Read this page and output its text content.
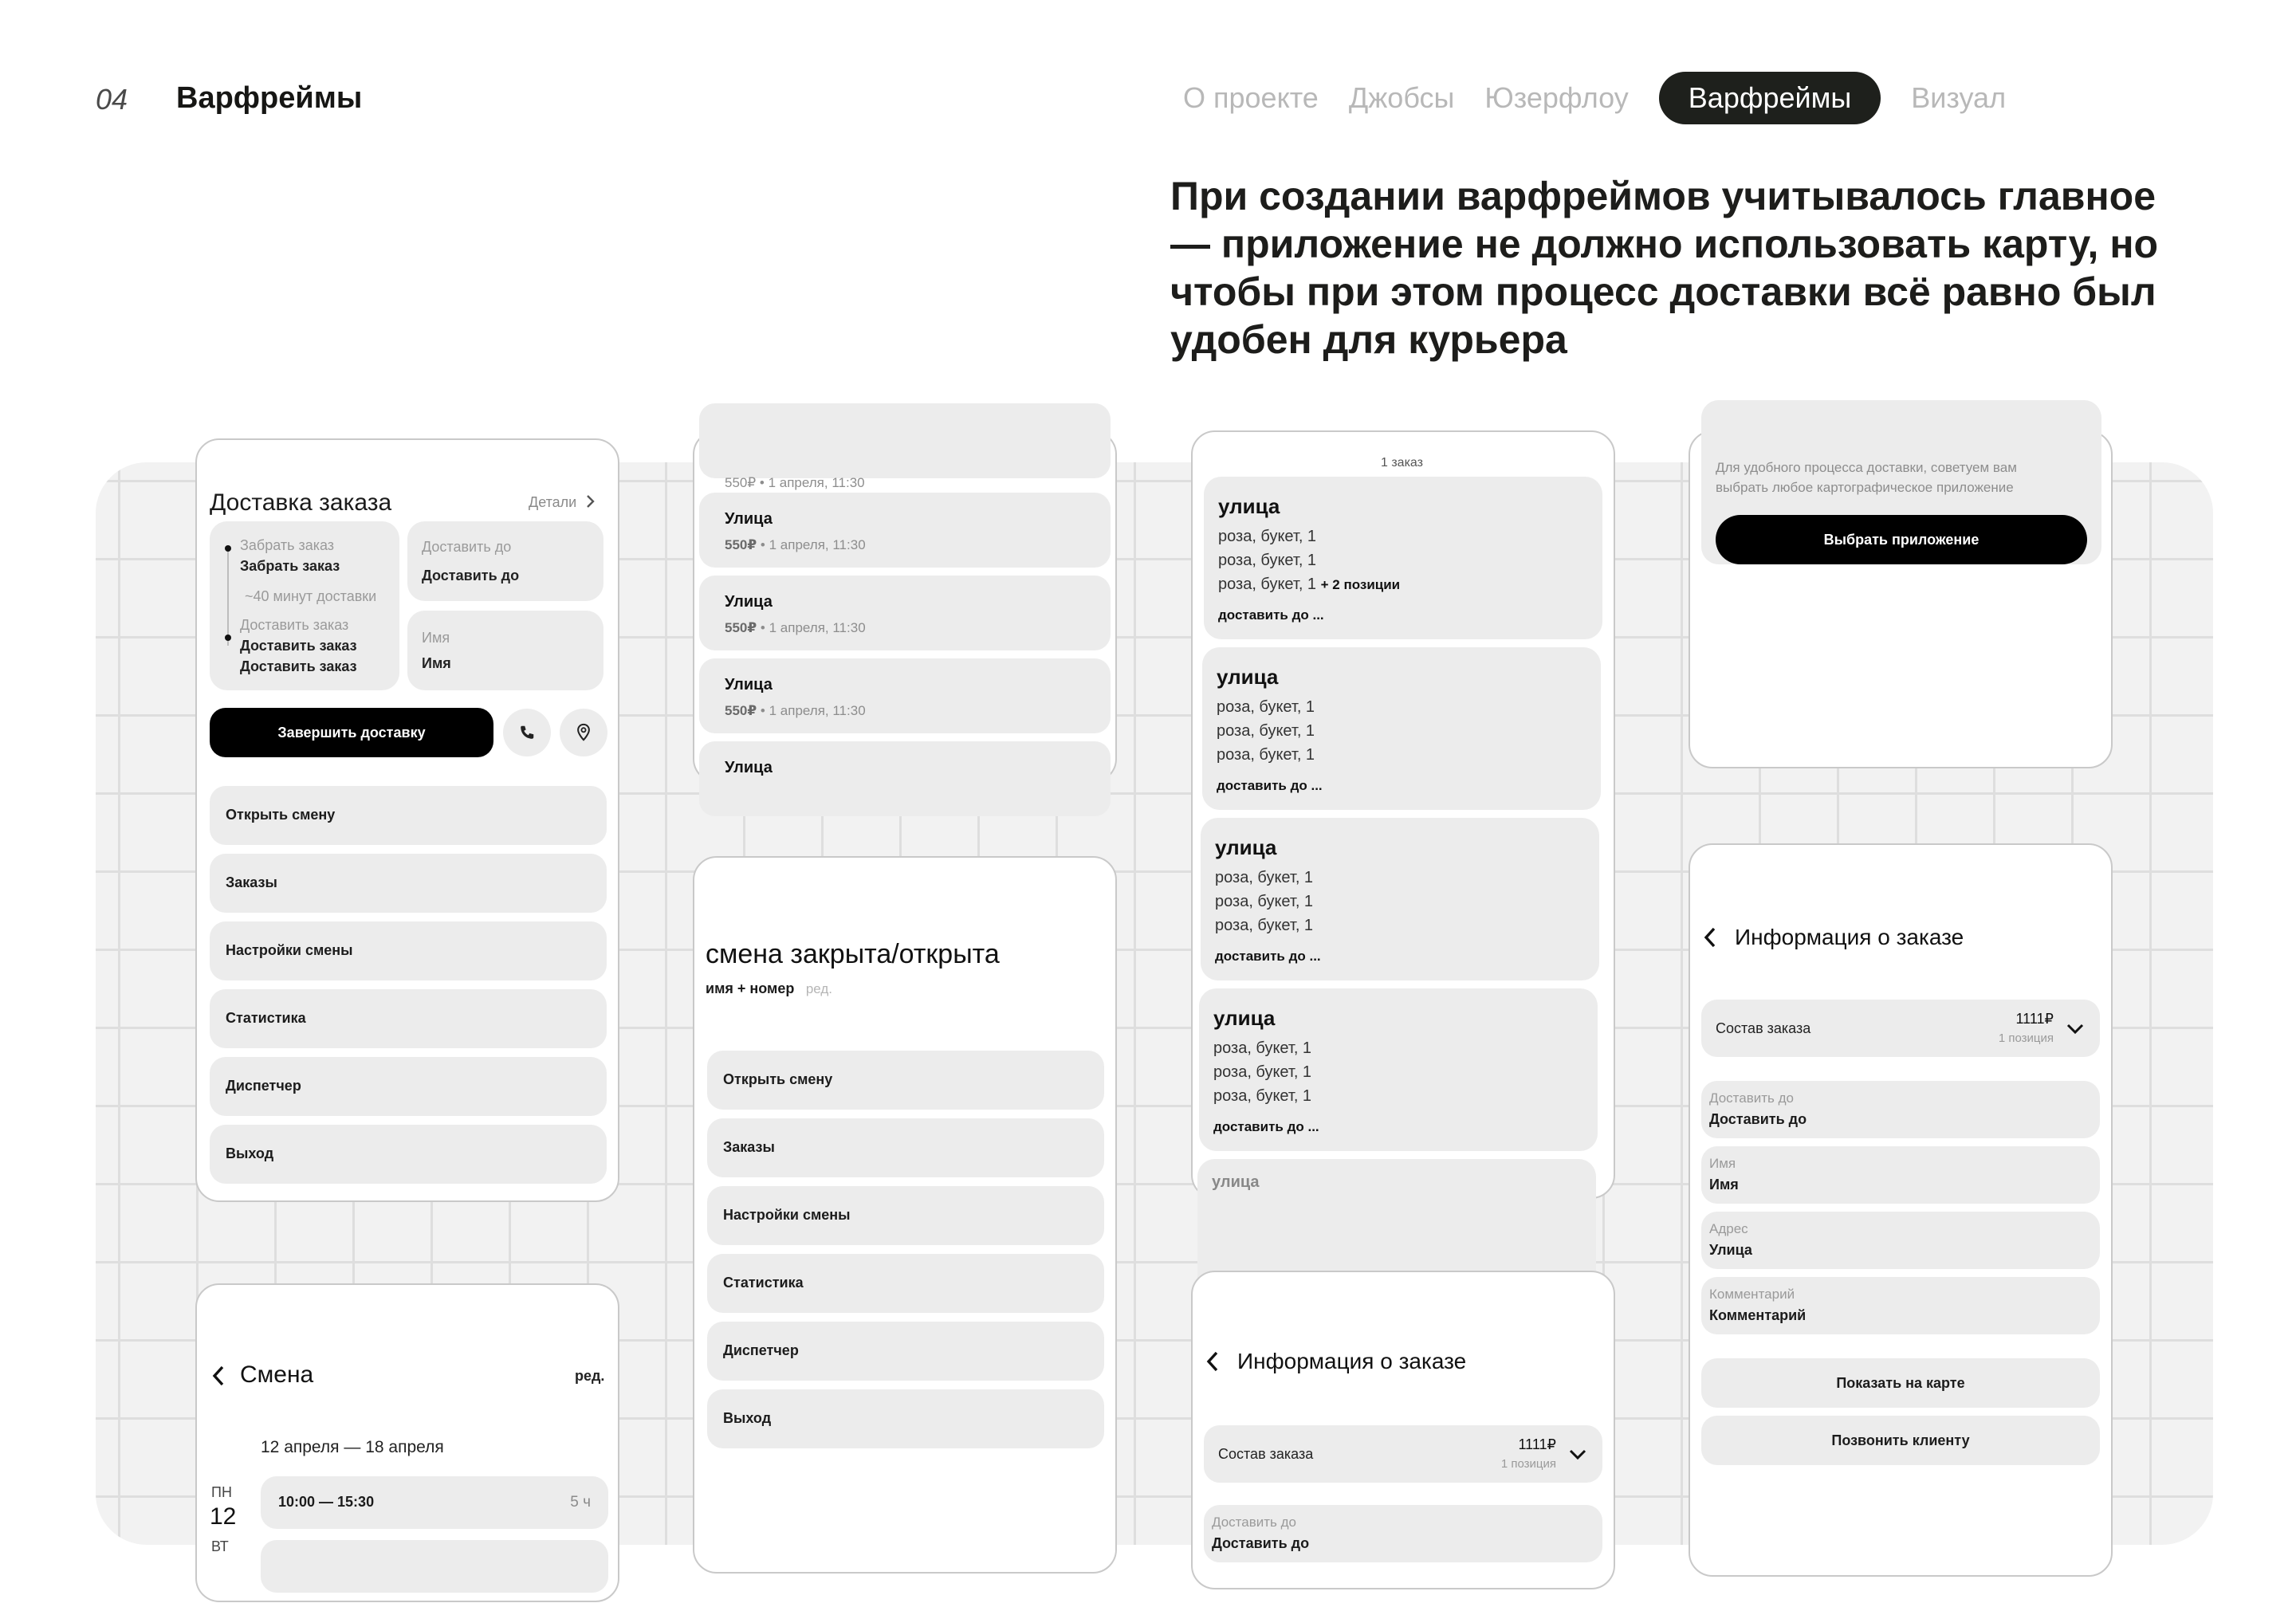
04 Варфреймы	О проекте Джобсы Юзерфлоу	Варфреймы	Визуал
При создании варфреймов учитывалось главное — приложение не должно использовать карту, но чтобы при этом процесс доставки всё равно был удобен для курьера
Доставка заказа	Детали
Забрать заказ
Забрать заказ
~40 минут доставки
Доставить заказ
Доставить заказ
Доставить заказ
Доставить до
Доставить до
Имя
Имя
Завершить доставку
Открыть смену
Заказы
Настройки смены
Статистика
Диспетчер
Выход
Смена	ред.
12 апреля — 18 апреля
ПН
12
ВТ
10:00 — 15:30	5 ч
550₽ • 1 апреля, 11:30
Улица
550₽ • 1 апреля, 11:30
Улица
550₽ • 1 апреля, 11:30
Улица
550₽ • 1 апреля, 11:30
Улица
смена закрыта/открыта
имя + номер ред.
Открыть смену
Заказы
Настройки смены
Статистика
Диспетчер
Выход
1 заказ
улица
роза, букет, 1
роза, букет, 1
роза, букет, 1 + 2 позиции
доставить до ...
улица
роза, букет, 1
роза, букет, 1
роза, букет, 1
доставить до ...
улица
роза, букет, 1
роза, букет, 1
роза, букет, 1
доставить до ...
улица
роза, букет, 1
роза, букет, 1
роза, букет, 1
доставить до ...
улица
Информация о заказе
Состав заказа
1111₽
1 позиция
Доставить до
Доставить до
Для удобного процесса доставки, советуем вам выбрать любое картографическое приложение
Выбрать приложение
Информация о заказе
Состав заказа
1111₽
1 позиция
Доставить до
Доставить до
Имя
Имя
Адрес
Улица
Комментарий
Комментарий
Показать на карте
Позвонить клиенту
